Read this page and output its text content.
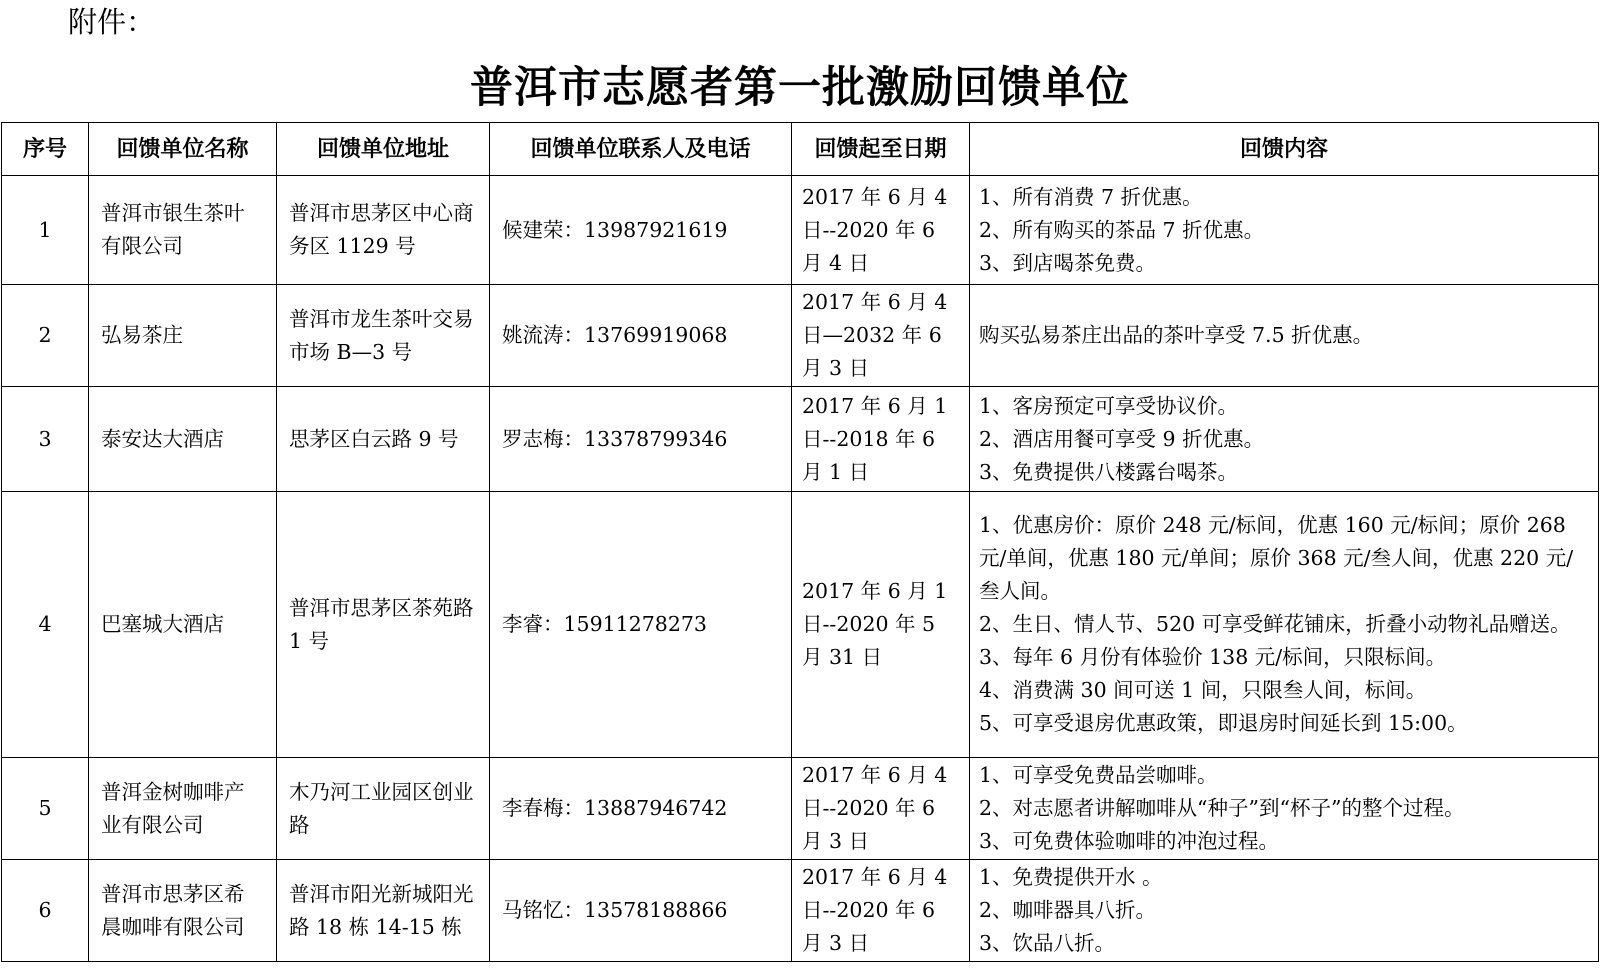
附件：
普洱市志愿者第一批激励回馈单位
序号	回馈单位名称	回馈单位地址	回馈单位联系人及电话	回馈起至日期	回馈内容
1	普洱市银生茶叶有限公司	普洱市思茅区中心商务区 1129 号	候建荣：13987921619	2017 年 6 月 4
日--2020 年 6
月 4 日	1、所有消费 7 折优惠。
2、所有购买的茶品 7 折优惠。
3、到店喝茶免费。

2	弘易茶庄	普洱市龙生茶叶交易市场 B—3 号	姚流涛：13769919068	2017 年 6 月 4
日—2032 年 6
月 3 日	购买弘易茶庄出品的茶叶享受 7.5 折优惠。

3	泰安达大酒店	思茅区白云路 9 号	罗志梅：13378799346	2017 年 6 月 1
日--2018 年 6
月 1 日	1、客房预定可享受协议价。
2、酒店用餐可享受 9 折优惠。
3、免费提供八楼露台喝茶。

4	巴塞城大酒店	普洱市思茅区茶苑路 1 号	李睿：15911278273	2017 年 6 月 1
日--2020 年 5
月 31 日	1、优惠房价：原价 248 元/标间，优惠 160 元/标间；原价 268 元/单间，优惠 180 元/单间；原价 368 元/叁人间，优惠 220 元/叁人间。
2、生日、情人节、520 可享受鲜花铺床，折叠小动物礼品赠送。
3、每年 6 月份有体验价 138 元/标间，只限标间。
4、消费满 30 间可送 1 间，只限叁人间，标间。
5、可享受退房优惠政策，即退房时间延长到 15:00。

5	普洱金树咖啡产业有限公司	木乃河工业园区创业路	李春梅：13887946742	2017 年 6 月 4
日--2020 年 6
月 3 日	1、可享受免费品尝咖啡。
2、对志愿者讲解咖啡从“种子”到“杯子”的整个过程。
3、可免费体验咖啡的冲泡过程。

6	普洱市思茅区希晨咖啡有限公司	普洱市阳光新城阳光路 18 栋 14-15 栋	马铭忆：13578188866	2017 年 6 月 4
日--2020 年 6
月 3 日	1、免费提供开水 。
2、咖啡器具八折。
3、饮品八折。
